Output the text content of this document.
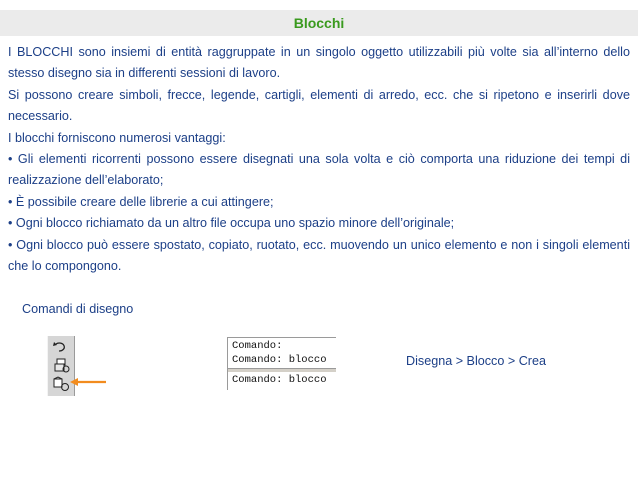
Blocchi

I BLOCCHI sono insiemi di entità raggruppate in un singolo oggetto utilizzabili più volte sia all’interno dello stesso disegno sia in differenti sessioni di lavoro.

Si possono creare simboli, frecce, legende, cartigli, elementi di arredo, ecc. che si ripetono e inserirli dove necessario.

I blocchi forniscono numerosi vantaggi:

• Gli elementi ricorrenti possono essere disegnati una sola volta e ciò comporta una riduzione dei tempi di realizzazione dell’elaborato;

• È possibile creare delle librerie a cui attingere;

• Ogni blocco richiamato da un altro file occupa uno spazio minore dell’originale;

• Ogni blocco può essere spostato, copiato, ruotato, ecc. muovendo un unico elemento e non i singoli elementi che lo compongono.

Comandi di disegno
Comando:
Comando: blocco
Comando: blocco
Disegna > Blocco > Crea
